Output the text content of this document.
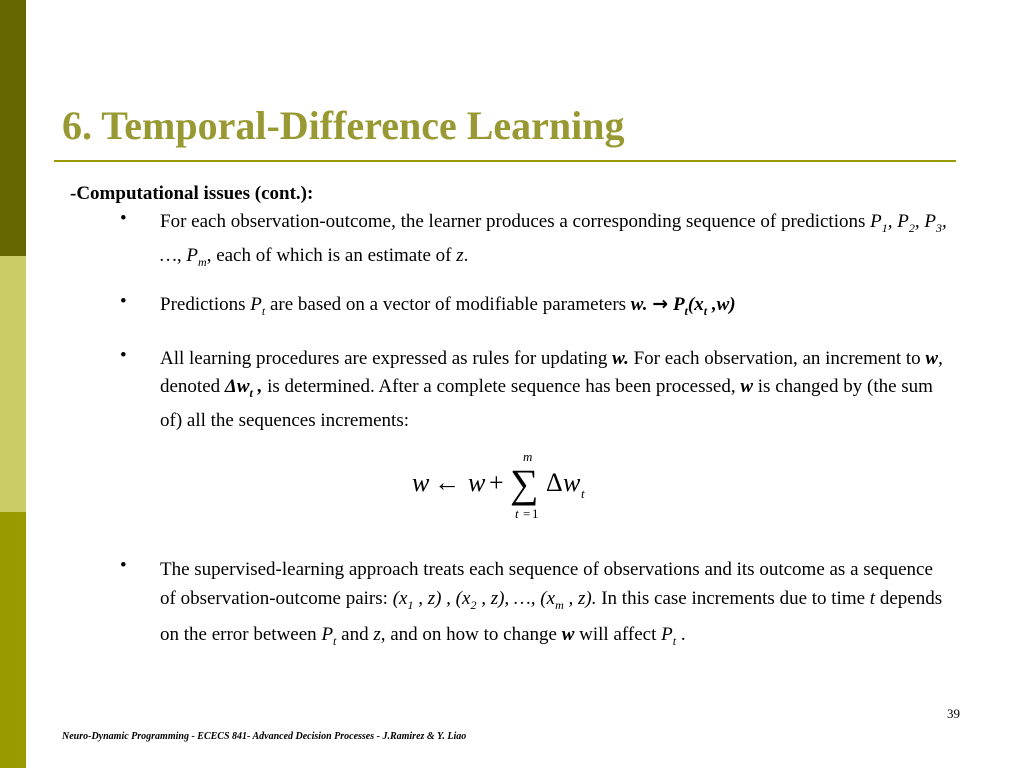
6. Temporal-Difference Learning
-Computational issues (cont.):
• For each observation-outcome, the learner produces a corresponding sequence of predictions $P_1$, $P_2$, $P_3$, …, $P_m$, each of which is an estimate of z.
• Predictions $P_t$ are based on a vector of modifiable parameters w. → $P_t(x_t$ ,w)
• All learning procedures are expressed as rules for updating w. For each observation, an increment to w, denoted $\Delta w_t$ , is determined. After a complete sequence has been processed, w is changed by (the sum of) all the sequences increments:
w ← w + ∑
m
t = 1
Δ w t
• The supervised-learning approach treats each sequence of observations and its outcome as a sequence of observation-outcome pairs: ($x_1$ , z) , ($x_2$ , z), …, ($x_m$ , z). In this case increments due to time t depends on the error between $P_t$ and z, and on how to change w will affect $P_t$ .
39
Neuro-Dynamic Programming - ECECS 841- Advanced Decision Processes - J.Ramirez & Y. Liao
